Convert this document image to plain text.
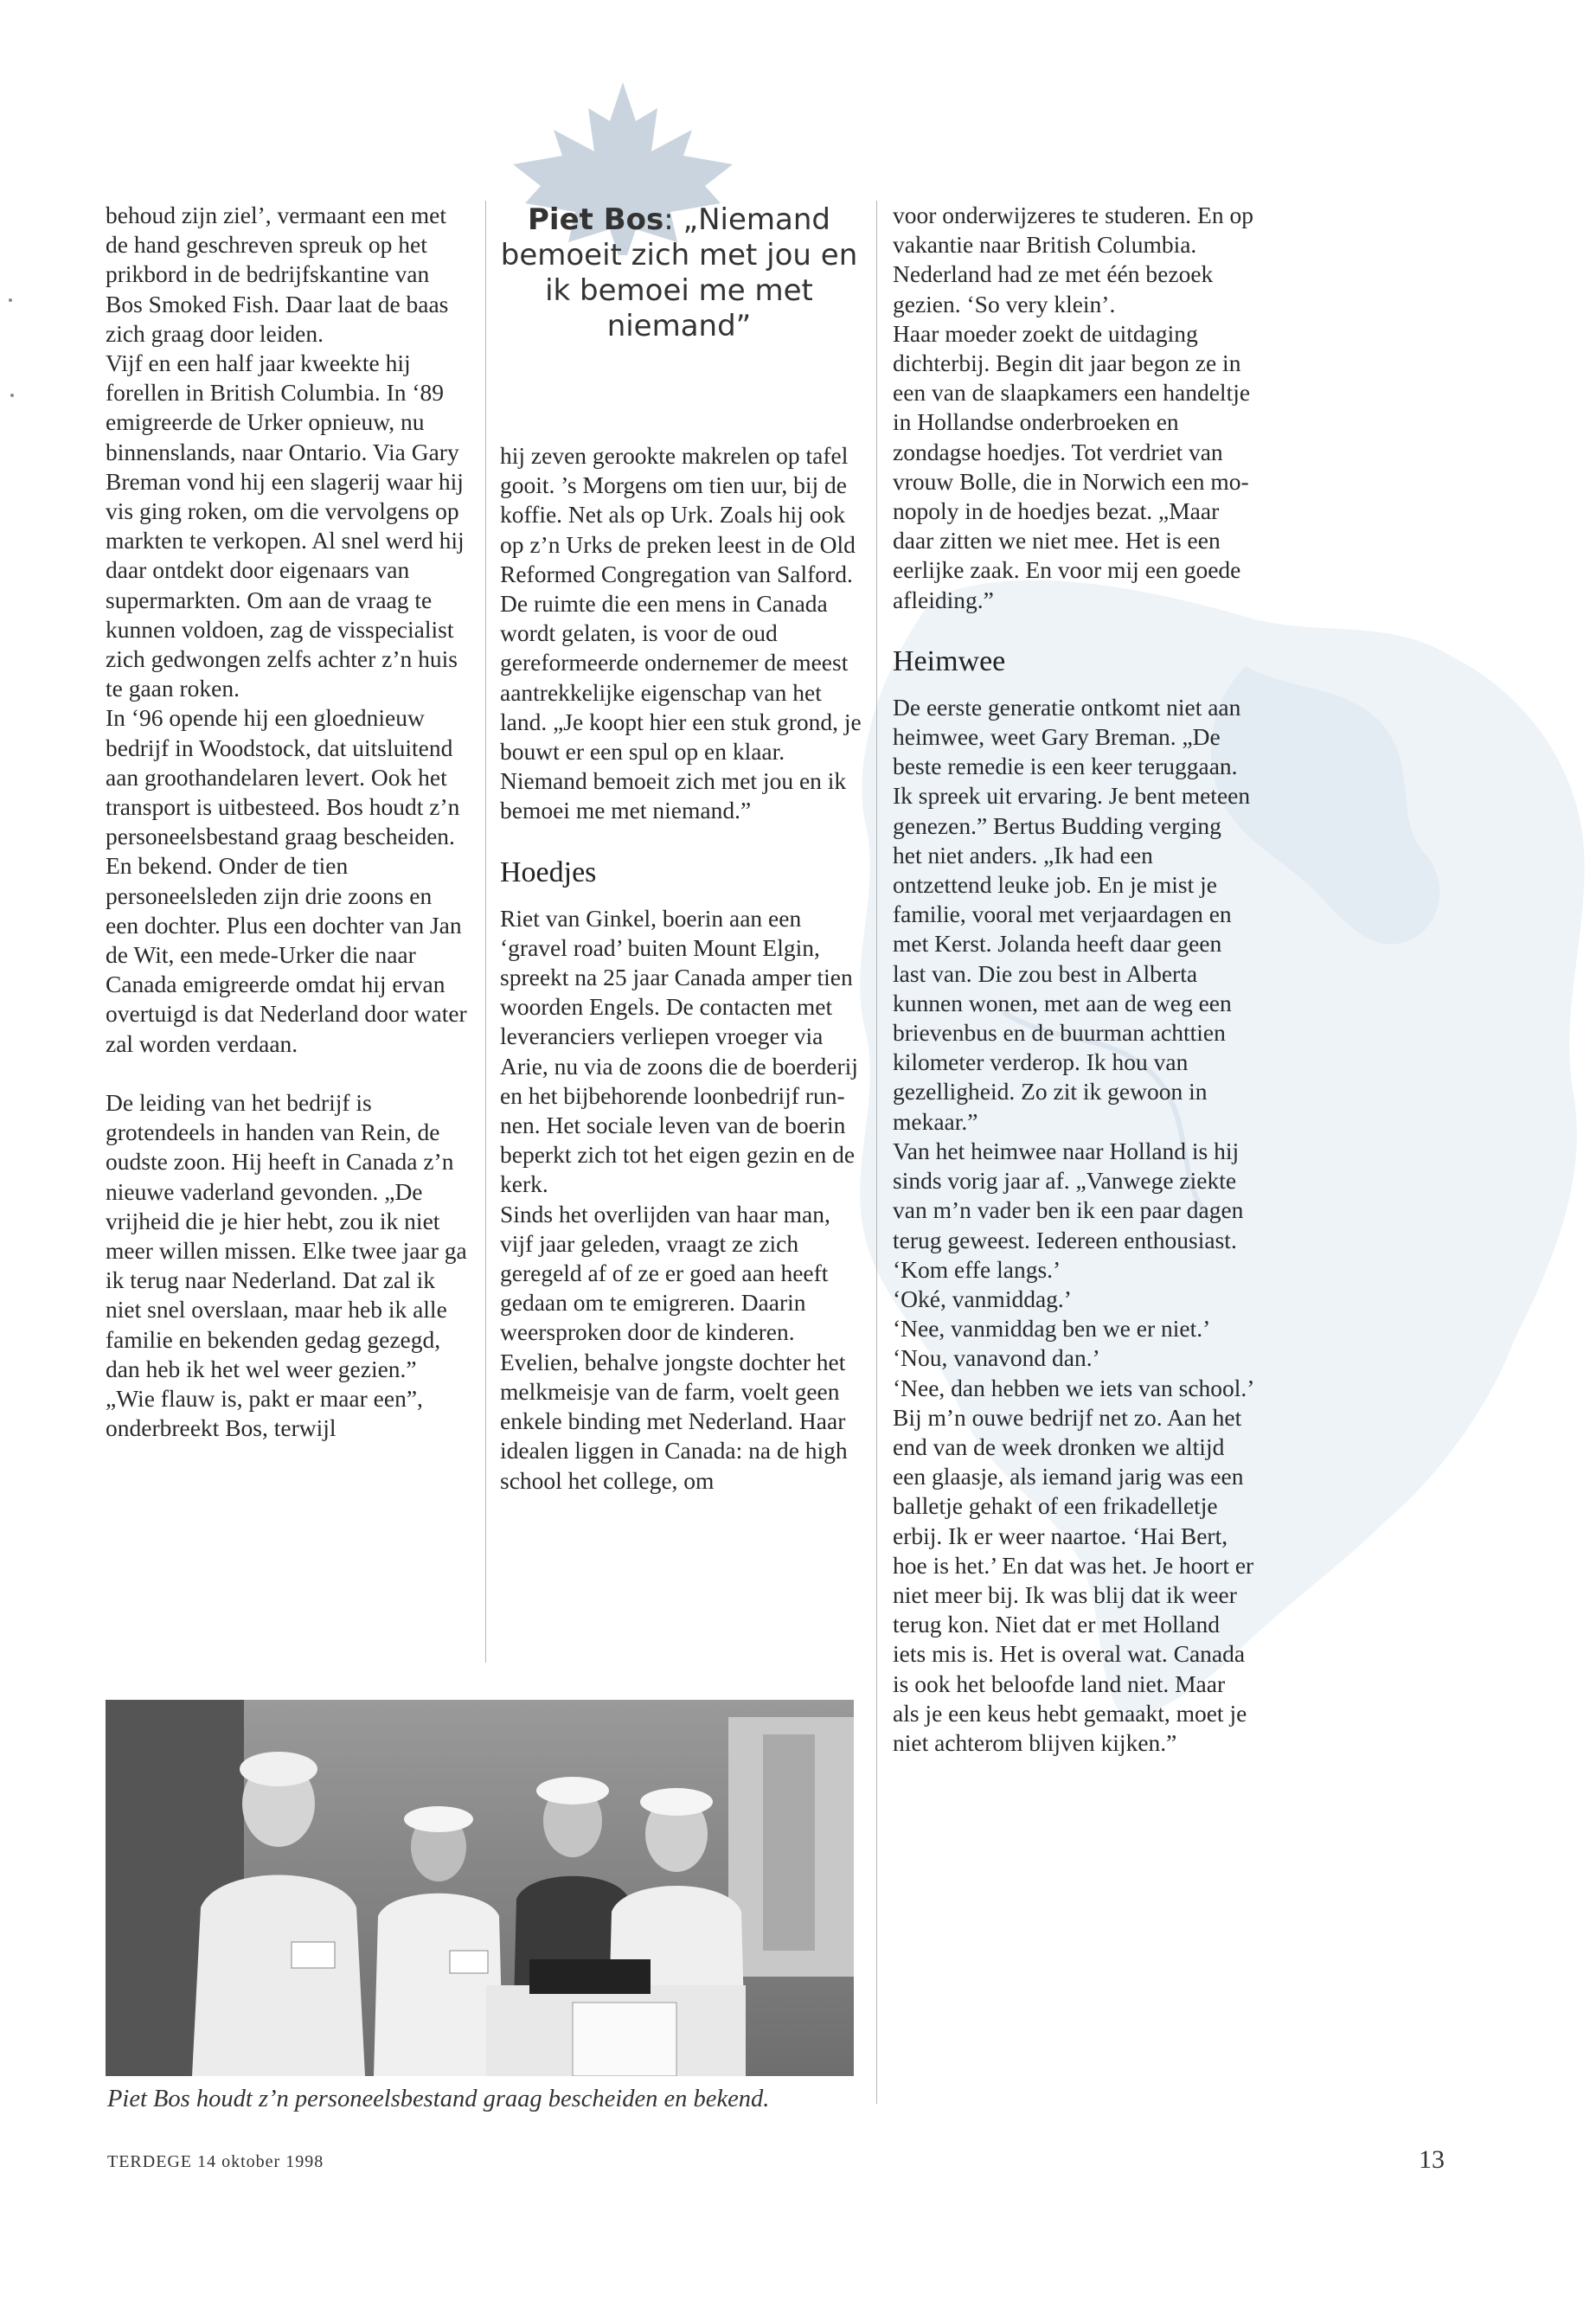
Piet Bos: „Niemand bemoeit zich met jou en ik bemoei me met niemand”

behoud zijn ziel’, vermaant een met de hand geschreven spreuk op het prikbord in de bedrijfskantine van Bos Smoked Fish. Daar laat de baas zich graag door leiden.

Vijf en een half jaar kweekte hij forellen in British Columbia. In ‘89 emigreerde de Urker opnieuw, nu binnenslands, naar Ontario. Via Gary Breman vond hij een slagerij waar hij vis ging roken, om die vervolgens op markten te verkopen. Al snel werd hij daar ontdekt door eigenaars van supermarkten. Om aan de vraag te kunnen voldoen, zag de visspecialist zich gedwongen zelfs achter z’n huis te gaan roken.

In ‘96 opende hij een gloednieuw bedrijf in Woodstock, dat uitsluitend aan groothandelaren levert. Ook het transport is uitbesteed. Bos houdt z’n personeelsbestand graag bescheiden. En bekend. Onder de tien personeelsleden zijn drie zoons en een dochter. Plus een dochter van Jan de Wit, een mede-Urker die naar Canada emigreerde omdat hij ervan overtuigd is dat Nederland door water zal worden verdaan.

De leiding van het bedrijf is grotendeels in handen van Rein, de oudste zoon. Hij heeft in Canada z’n nieuwe vaderland gevonden. „De vrijheid die je hier hebt, zou ik niet meer willen missen. Elke twee jaar ga ik terug naar Nederland. Dat zal ik niet snel overslaan, maar heb ik alle familie en bekenden gedag gezegd, dan heb ik het wel weer gezien.”

„Wie flauw is, pakt er maar een”, onderbreekt Bos, terwijl

hij zeven gerookte makrelen op tafel gooit. ’s Morgens om tien uur, bij de koffie. Net als op Urk. Zoals hij ook op z’n Urks de preken leest in de Old Reformed Congregation van Salford.

De ruimte die een mens in Canada wordt gelaten, is voor de oud gereformeerde ondernemer de meest aantrekkelijke eigenschap van het land. „Je koopt hier een stuk grond, je bouwt er een spul op en klaar. Niemand bemoeit zich met jou en ik bemoei me met niemand.”

Hoedjes

Riet van Ginkel, boerin aan een ‘gravel road’ buiten Mount Elgin, spreekt na 25 jaar Canada amper tien woorden Engels. De contacten met leveranciers verliepen vroeger via Arie, nu via de zoons die de boerderij en het bijbehorende loonbedrijf runnen. Het sociale leven van de boerin beperkt zich tot het eigen gezin en de kerk.

Sinds het overlijden van haar man, vijf jaar geleden, vraagt ze zich geregeld af of ze er goed aan heeft gedaan om te emigreren. Daarin weersproken door de kinderen. Evelien, behalve jongste dochter het melkmeisje van de farm, voelt geen enkele binding met Nederland. Haar idealen liggen in Canada: na de high school het college, om

voor onderwijzeres te studeren. En op vakantie naar British Columbia. Nederland had ze met één bezoek gezien. ‘So very klein’.

Haar moeder zoekt de uitdaging dichterbij. Begin dit jaar begon ze in een van de slaapkamers een handeltje in Hollandse onderbroeken en zondagse hoedjes. Tot verdriet van vrouw Bolle, die in Norwich een monopoly in de hoedjes bezat. „Maar daar zitten we niet mee. Het is een eerlijke zaak. En voor mij een goede afleiding.”

Heimwee

De eerste generatie ontkomt niet aan heimwee, weet Gary Breman. „De beste remedie is een keer teruggaan. Ik spreek uit ervaring. Je bent meteen genezen.” Bertus Budding verging het niet anders. „Ik had een ontzettend leuke job. En je mist je familie, vooral met verjaardagen en met Kerst. Jolanda heeft daar geen last van. Die zou best in Alberta kunnen wonen, met aan de weg een brievenbus en de buurman achttien kilometer verderop. Ik hou van gezelligheid. Zo zit ik gewoon in mekaar.”

Van het heimwee naar Holland is hij sinds vorig jaar af. „Vanwege ziekte van m’n vader ben ik een paar dagen terug geweest. Iedereen enthousiast. ‘Kom effe langs.’

‘Oké, vanmiddag.’

‘Nee, vanmiddag ben we er niet.’

‘Nou, vanavond dan.’

‘Nee, dan hebben we iets van school.’

Bij m’n ouwe bedrijf net zo. Aan het end van de week dronken we altijd een glaasje, als iemand jarig was een balletje gehakt of een frikadelletje erbij. Ik er weer naartoe. ‘Hai Bert, hoe is het.’ En dat was het. Je hoort er niet meer bij. Ik was blij dat ik weer terug kon. Niet dat er met Holland iets mis is. Het is overal wat. Canada is ook het beloofde land niet. Maar als je een keus hebt gemaakt, moet je niet achterom blijven kijken.”

Piet Bos houdt z’n personeelsbestand graag bescheiden en bekend.
TERDEGE 14 oktober 1998	13
